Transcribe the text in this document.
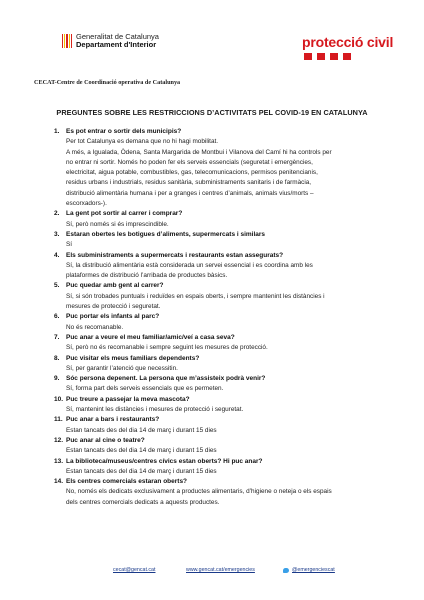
Generalitat de Catalunya
Departament d'Interior	protecció civil
CECAT-Centre de Coordinació operativa de Catalunya
PREGUNTES SOBRE LES RESTRICCIONS D’ACTIVITATS PEL COVID-19 EN CATALUNYA
1. Es pot entrar o sortir dels municipis?
Per tot Catalunya es demana que no hi hagi mobilitat.
A més, a Igualada, Òdena, Santa Margarida de Montbui i Vilanova del Camí hi ha controls per
no entrar ni sortir. Només ho poden fer els serveis essencials (seguretat i emergències,
electricitat, aigua potable, combustibles, gas, telecomunicacions, permisos penitencianis,
residus urbans i industrials, residus sanitària, subministraments sanitaris i de farmàcia,
distribució alimentària humana i per a granges i centres d’animals, animals vius/morts –
escorxadors-).
2. La gent pot sortir al carrer i comprar?
Sí, però només si és imprescindible.
3. Estaran obertes les botigues d’aliments, supermercats i similars
Sí
4. Els subministraments a supermercats i restaurants estan assegurats?
Sí, la distribució alimentària està considerada un servei essencial i es coordina amb les
plataformes de distribució l’arribada de productes bàsics.
5. Puc quedar amb gent al carrer?
Sí, si són trobades puntuals i reduïdes en espais oberts, i sempre mantenint les distàncies i
mesures de protecció i seguretat.
6. Puc portar els infants al parc?
No és recomanable.
7. Puc anar a veure el meu familiar/amic/veí a casa seva?
Sí, però no és recomanable i sempre seguint les mesures de protecció.
8. Puc visitar els meus familiars dependents?
Sí, per garantir l’atenció que necessitin.
9. Sóc persona depenent. La persona que m’assisteix podrà venir?
Sí, forma part dels serveis essencials que es permeten.
10. Puc treure a passejar la meva mascota?
Sí, mantenint les distàncies i mesures de protecció i seguretat.
11. Puc anar a bars i restaurants?
Estan tancats des del dia 14 de març i durant 15 dies
12. Puc anar al cine o teatre?
Estan tancats des del dia 14 de març i durant 15 dies
13. La biblioteca/museus/centres cívics estan oberts? Hi puc anar?
Estan tancats des del dia 14 de març i durant 15 dies
14. Els centres comercials estaran oberts?
No, només els dedicats exclusivament a productes alimentaris, d’higiene o neteja o els espais
dels centres comercials dedicats a aquests productes.
cecat@gencat.cat	www.gencat.cat/emergencies	@emergenciescat
